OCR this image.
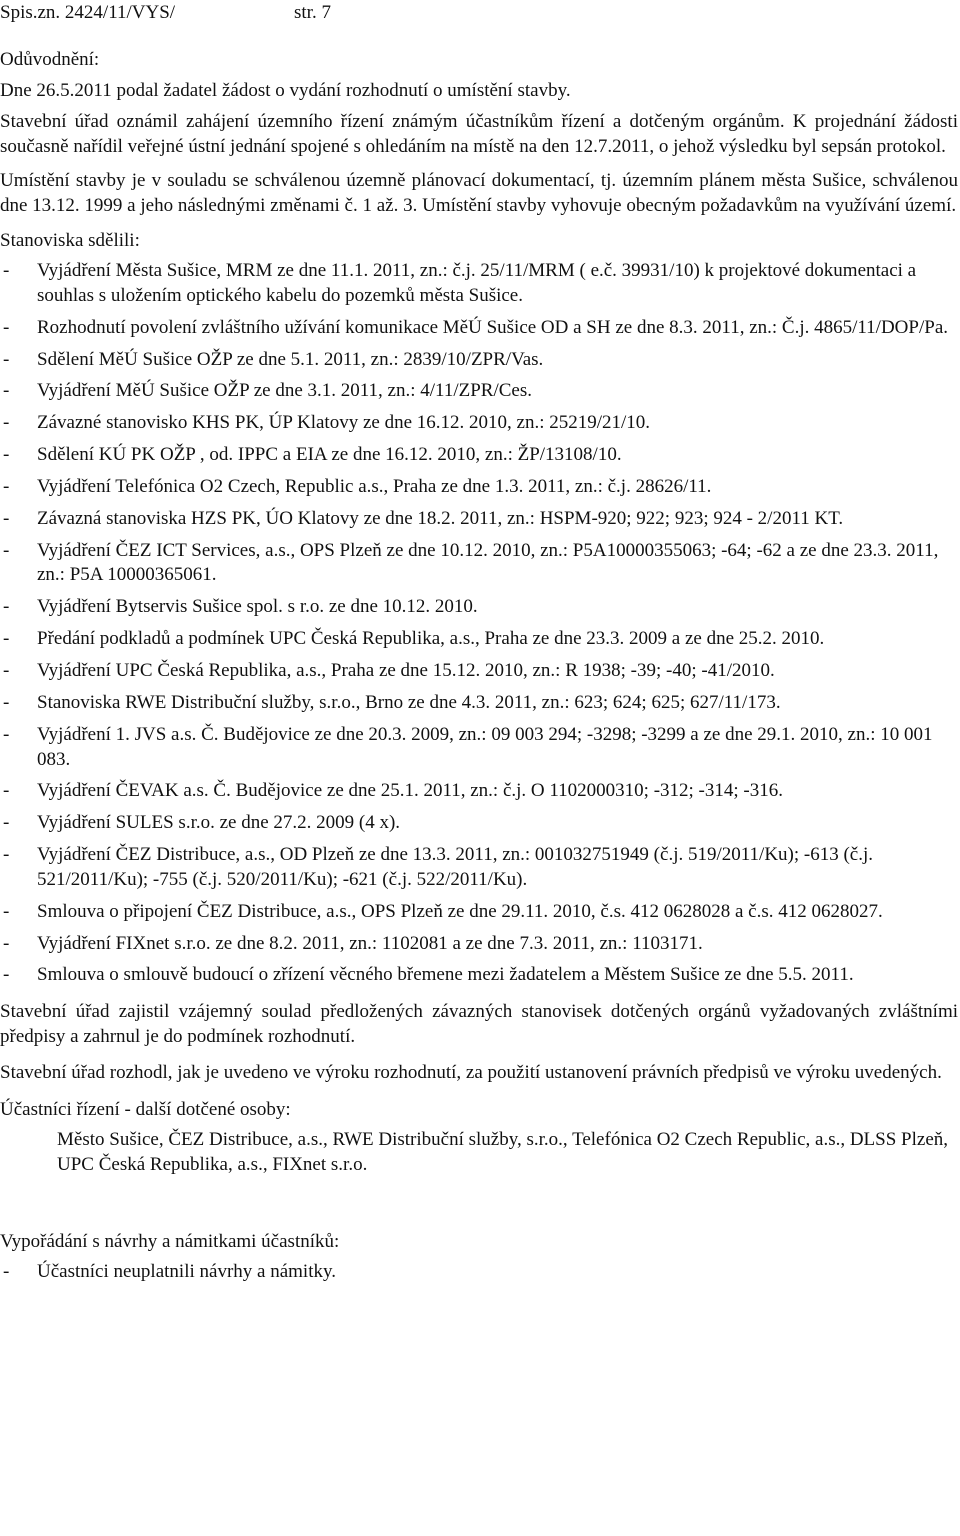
Spis.zn. 2424/11/VYS/	str. 7

Odůvodnění:

Dne 26.5.2011 podal žadatel žádost o vydání rozhodnutí o umístění stavby.

Stavební úřad oznámil zahájení územního řízení známým účastníkům řízení a dotčeným orgánům. K projednání žádosti současně nařídil veřejné ústní jednání spojené s ohledáním na místě na den 12.7.2011, o jehož výsledku byl sepsán protokol.

Umístění stavby je v souladu se schválenou územně plánovací dokumentací, tj. územním plánem města Sušice, schválenou dne 13.12. 1999 a jeho následnými změnami č. 1 až. 3. Umístění stavby vyhovuje obecným požadavkům na využívání území.

Stanoviska sdělili:

- Vyjádření Města Sušice, MRM ze dne 11.1. 2011, zn.: č.j. 25/11/MRM ( e.č. 39931/10) k projektové dokumentaci a souhlas s uložením optického kabelu do pozemků města Sušice.
- Rozhodnutí povolení zvláštního užívání komunikace MěÚ Sušice OD a SH ze dne 8.3. 2011, zn.: Č.j. 4865/11/DOP/Pa.
- Sdělení MěÚ Sušice OŽP ze dne 5.1. 2011, zn.: 2839/10/ZPR/Vas.
- Vyjádření MěÚ Sušice OŽP ze dne 3.1. 2011, zn.: 4/11/ZPR/Ces.
- Závazné stanovisko KHS PK, ÚP Klatovy ze dne 16.12. 2010, zn.: 25219/21/10.
- Sdělení KÚ PK OŽP , od. IPPC a EIA ze dne 16.12. 2010, zn.: ŽP/13108/10.
- Vyjádření Telefónica O2 Czech, Republic a.s., Praha ze dne 1.3. 2011, zn.: č.j. 28626/11.
- Závazná stanoviska HZS PK, ÚO Klatovy ze dne 18.2. 2011, zn.: HSPM-920; 922; 923; 924 - 2/2011 KT.
- Vyjádření ČEZ ICT Services, a.s., OPS Plzeň ze dne 10.12. 2010, zn.: P5A10000355063; -64; -62 a ze dne 23.3. 2011, zn.: P5A 10000365061.
- Vyjádření Bytservis Sušice spol. s r.o. ze dne 10.12. 2010.
- Předání podkladů a podmínek UPC Česká Republika, a.s., Praha ze dne 23.3. 2009 a ze dne 25.2. 2010.
- Vyjádření UPC Česká Republika, a.s., Praha ze dne 15.12. 2010, zn.: R 1938; -39; -40; -41/2010.
- Stanoviska RWE Distribuční služby, s.r.o., Brno ze dne 4.3. 2011, zn.: 623; 624; 625; 627/11/173.
- Vyjádření 1. JVS a.s. Č. Budějovice ze dne 20.3. 2009, zn.: 09 003 294; -3298; -3299 a ze dne 29.1. 2010, zn.: 10 001 083.
- Vyjádření ČEVAK a.s. Č. Budějovice ze dne 25.1. 2011, zn.: č.j. O 1102000310; -312; -314; -316.
- Vyjádření SULES s.r.o. ze dne 27.2. 2009 (4 x).
- Vyjádření ČEZ Distribuce, a.s., OD Plzeň ze dne 13.3. 2011, zn.: 001032751949 (č.j. 519/2011/Ku); -613 (č.j. 521/2011/Ku); -755 (č.j. 520/2011/Ku); -621 (č.j. 522/2011/Ku).
- Smlouva o připojení ČEZ Distribuce, a.s., OPS Plzeň ze dne 29.11. 2010, č.s. 412 0628028 a č.s. 412 0628027.
- Vyjádření FIXnet s.r.o. ze dne 8.2. 2011, zn.: 1102081 a ze dne 7.3. 2011, zn.: 1103171.
- Smlouva o smlouvě budoucí o zřízení věcného břemene mezi žadatelem a Městem Sušice ze dne 5.5. 2011.

Stavební úřad zajistil vzájemný soulad předložených závazných stanovisek dotčených orgánů vyžadovaných zvláštními předpisy a zahrnul je do podmínek rozhodnutí.

Stavební úřad rozhodl, jak je uvedeno ve výroku rozhodnutí, za použití ustanovení právních předpisů ve výroku uvedených.

Účastníci řízení - další dotčené osoby:

Město Sušice, ČEZ Distribuce, a.s., RWE Distribuční služby, s.r.o., Telefónica O2 Czech Republic, a.s., DLSS Plzeň, UPC Česká Republika, a.s., FIXnet s.r.o.

Vypořádání s návrhy a námitkami účastníků:

- Účastníci neuplatnili návrhy a námitky.
